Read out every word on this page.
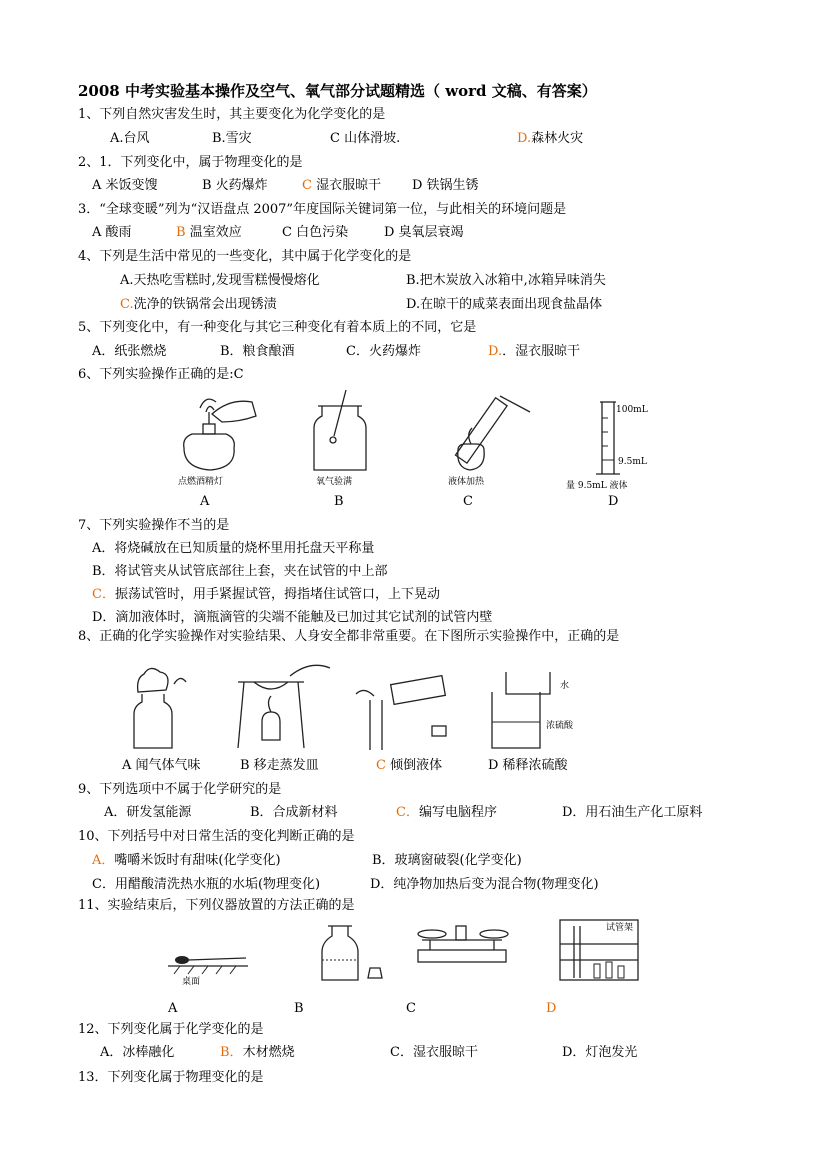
2008 中考实验基本操作及空气、氧气部分试题精选（ word 文稿、有答案）
1、下列自然灾害发生时，其主要变化为化学变化的是
A.台风	B.雪灾	C 山体滑坡.	D.森林火灾
2、1．下列变化中，属于物理变化的是
A 米饭变馊	B 火药爆炸	C 湿衣服晾干 D 铁锅生锈
3．“全球变暖”列为“汉语盘点 2007”年度国际关键词第一位，与此相关的环境问题是
A 酸雨	B 温室效应	C 白色污染	D 臭氧层衰竭
4、下列是生活中常见的一些变化，其中属于化学变化的是
A.天热吃雪糕时,发现雪糕慢慢熔化	B.把木炭放入冰箱中,冰箱异味消失
C.洗净的铁锅常会出现锈渍	D.在晾干的咸菜表面出现食盐晶体
5、下列变化中，有一种变化与其它三种变化有着本质上的不同，它是
A．纸张燃烧	B．粮食酿酒	C．火药爆炸	D.．湿衣服晾干
6、下列实验操作正确的是:C
点燃酒精灯
A
氧气验满
B
液体加热
C
100mL
9.5mL
量 9.5mL 液体
D
7、下列实验操作不当的是
A．将烧碱放在已知质量的烧杯里用托盘天平称量
B．将试管夹从试管底部往上套，夹在试管的中上部
C．振荡试管时，用手紧握试管，拇指堵住试管口，上下晃动
D．滴加液体时，滴瓶滴管的尖端不能触及已加过其它试剂的试管内壁
8、正确的化学实验操作对实验结果、人身安全都非常重要。在下图所示实验操作中，正确的是
水
浓硫酸
A 闻气体气味	B 移走蒸发皿	C 倾倒液体	D 稀释浓硫酸
9、下列选项中不属于化学研究的是
A．研发氢能源	B．合成新材料	C．编写电脑程序	D．用石油生产化工原料
10、下列括号中对日常生活的变化判断正确的是
A．嘴嚼米饭时有甜味(化学变化)	B．玻璃窗破裂(化学变化)
C．用醋酸清洗热水瓶的水垢(物理变化)	D．纯净物加热后变为混合物(物理变化)
11、实验结束后，下列仪器放置的方法正确的是
桌面
试管架
A	B	C	D
12、下列变化属于化学变化的是
A．冰棒融化	B．木材燃烧	C．湿衣服晾干	D．灯泡发光
13．下列变化属于物理变化的是
